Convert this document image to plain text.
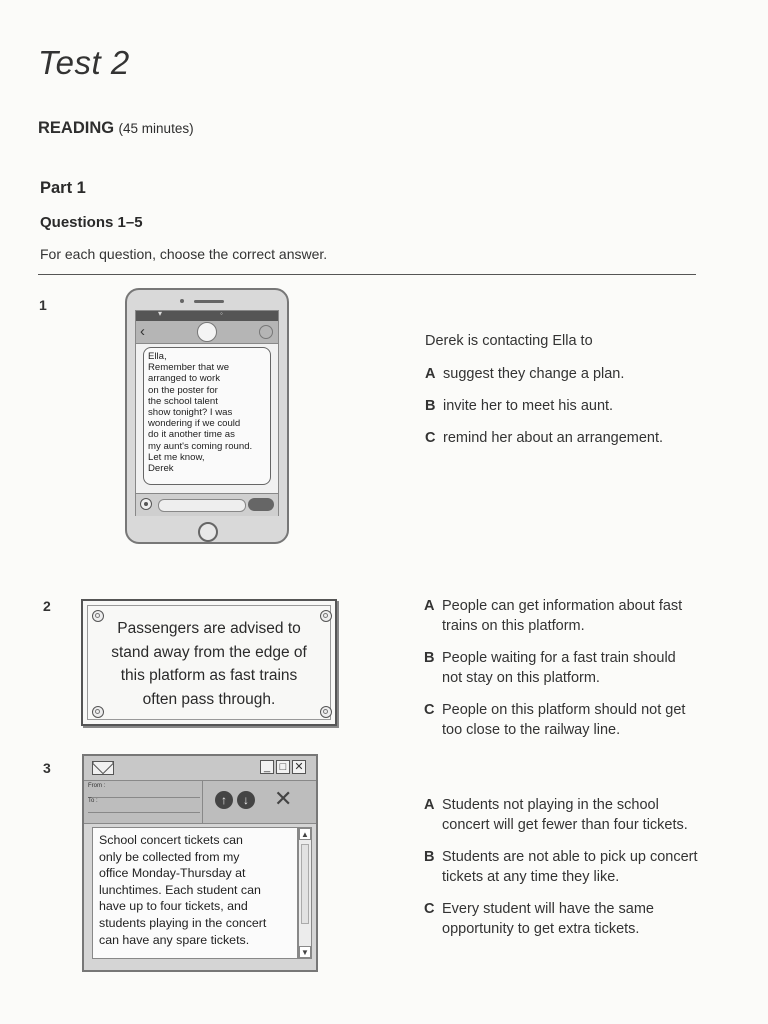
Test 2
READING (45 minutes)
Part 1
Questions 1–5
For each question, choose the correct answer.
1
▾	◦
‹

Ella,
Remember that we
arranged to work
on the poster for
the school talent
show tonight? I was
wondering if we could
do it another time as
my aunt's coming round.
Let me know,
Derek

Derek is contacting Ella to
A suggest they change a plan.
B invite her to meet his aunt.
C remind her about an arrangement.
2
Passengers are advised to
stand away from the edge of
this platform as fast trains
often pass through.
A People can get information about fast
trains on this platform.
B People waiting for a fast train should
not stay on this platform.
C People on this platform should not get
too close to the railway line.
3	_ □ ✕
From :
To :	↑	↓ ✕

School concert tickets can
only be collected from my
office Monday-Thursday at
lunchtimes. Each student can
have up to four tickets, and
students playing in the concert
can have any spare tickets.

▲
▼
A Students not playing in the school
concert will get fewer than four tickets.
B Students are not able to pick up concert
tickets at any time they like.
C Every student will have the same
opportunity to get extra tickets.
